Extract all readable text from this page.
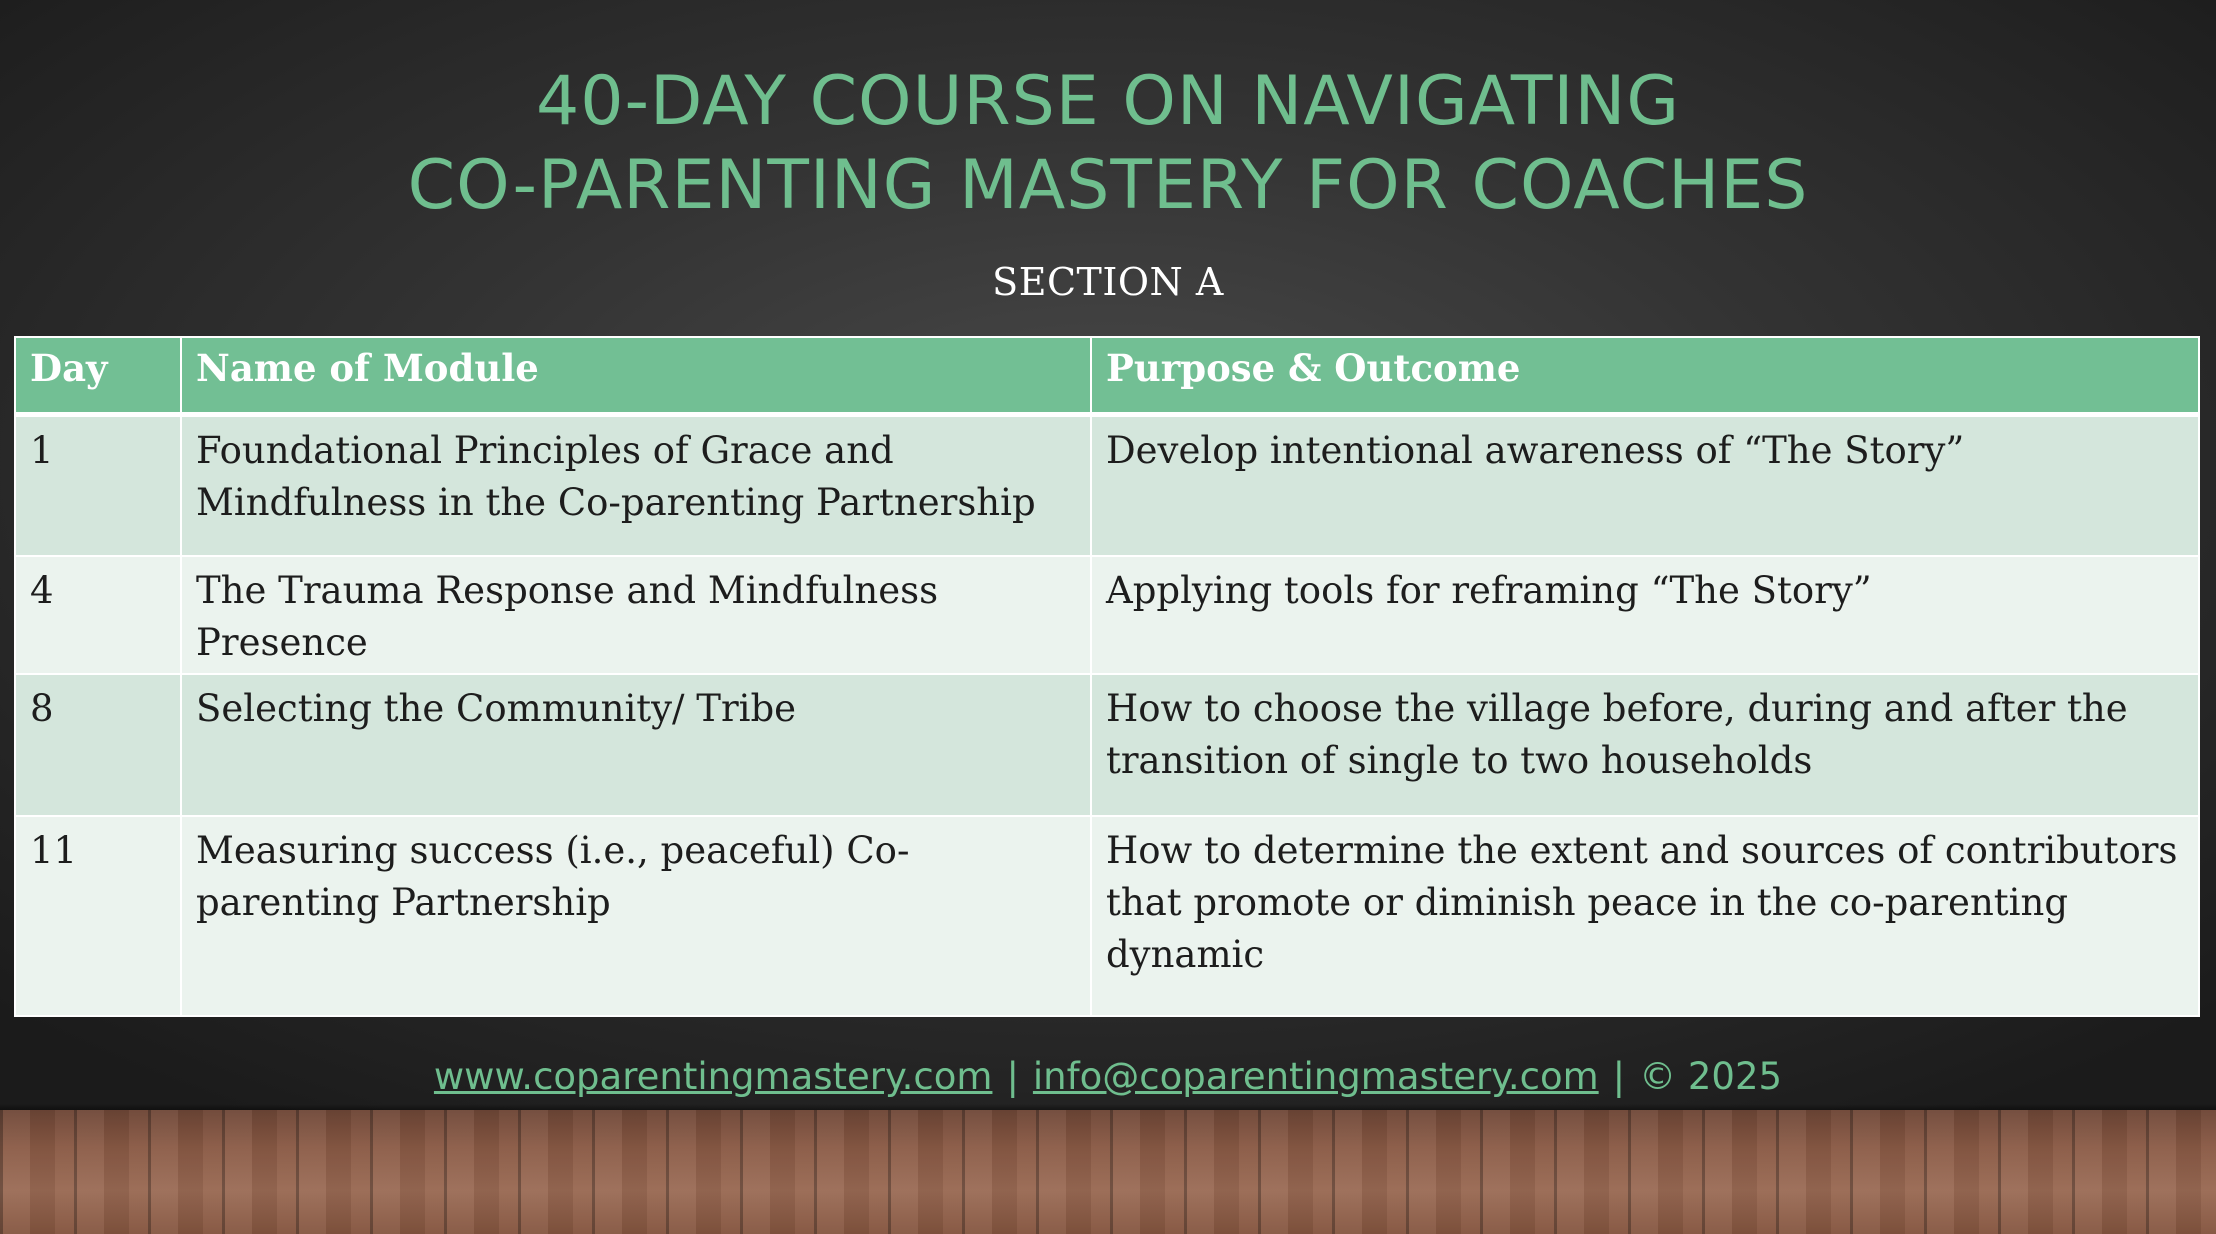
40-DAY COURSE ON NAVIGATING
CO-PARENTING MASTERY FOR COACHES
SECTION A
Day	Name of Module	Purpose & Outcome
1	Foundational Principles of Grace and Mindfulness in the Co-parenting Partnership	Develop intentional awareness of “The Story”
4	The Trauma Response and Mindfulness Presence	Applying tools for reframing “The Story”
8	Selecting the Community/ Tribe	How to choose the village before, during and after the transition of single to two households
11	Measuring success (i.e., peaceful) Co-parenting Partnership	How to determine the extent and sources of contributors that promote or diminish peace in the co-parenting dynamic
www.coparentingmastery.com | info@coparentingmastery.com | © 2025
